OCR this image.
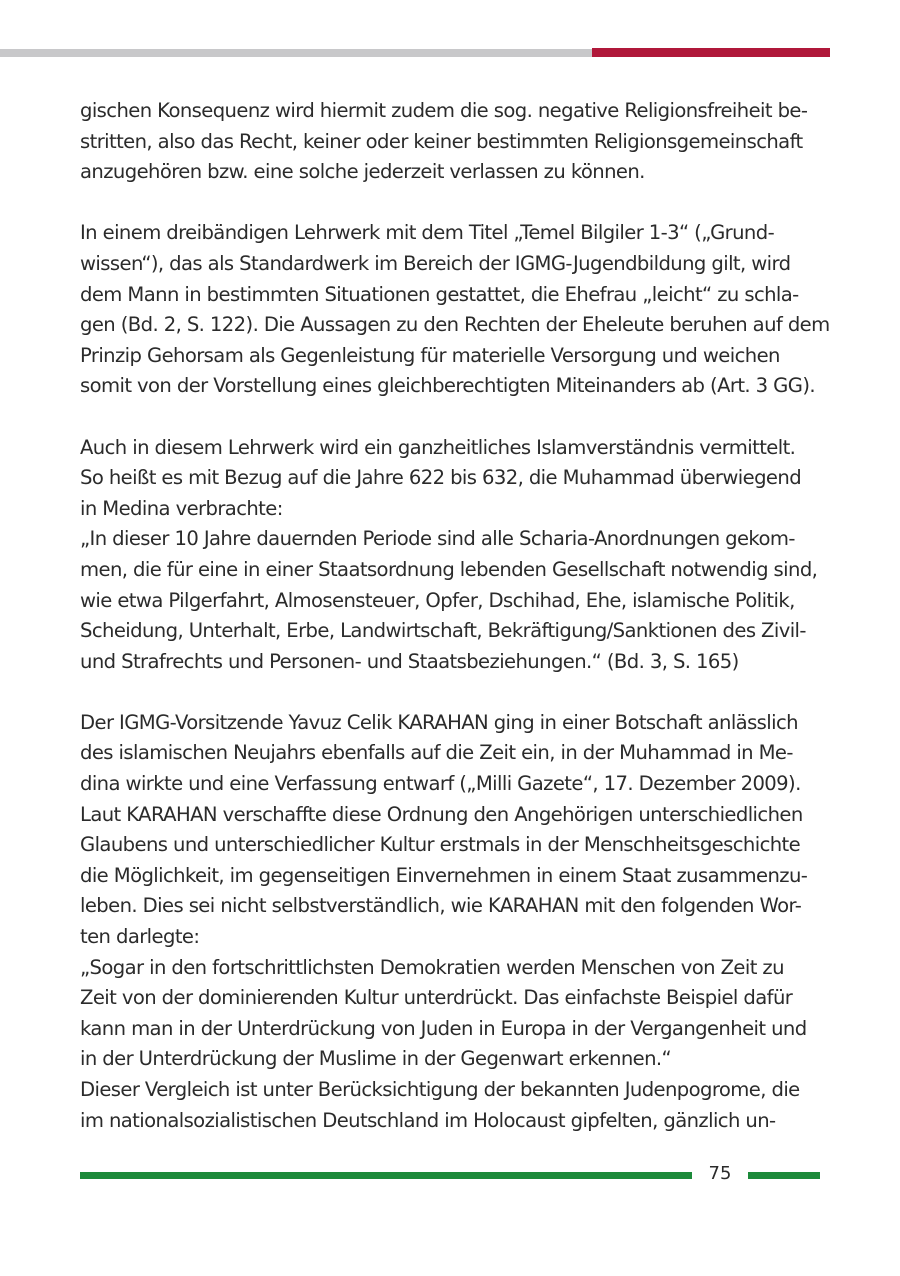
gischen Konsequenz wird hiermit zudem die sog. negative Religionsfreiheit be-
stritten, also das Recht, keiner oder keiner bestimmten Religionsgemeinschaft
anzugehören bzw. eine solche jederzeit verlassen zu können.
In einem dreibändigen Lehrwerk mit dem Titel „Temel Bilgiler 1-3“ („Grund-
wissen“), das als Standardwerk im Bereich der IGMG-Jugendbildung gilt, wird
dem Mann in bestimmten Situationen gestattet, die Ehefrau „leicht“ zu schla-
gen (Bd. 2, S. 122). Die Aussagen zu den Rechten der Eheleute beruhen auf dem
Prinzip Gehorsam als Gegenleistung für materielle Versorgung und weichen
somit von der Vorstellung eines gleichberechtigten Miteinanders ab (Art. 3 GG).
Auch in diesem Lehrwerk wird ein ganzheitliches Islamverständnis vermittelt.
So heißt es mit Bezug auf die Jahre 622 bis 632, die Muhammad überwiegend
in Medina verbrachte:
„In dieser 10 Jahre dauernden Periode sind alle Scharia-Anordnungen gekom-
men, die für eine in einer Staatsordnung lebenden Gesellschaft notwendig sind,
wie etwa Pilgerfahrt, Almosensteuer, Opfer, Dschihad, Ehe, islamische Politik,
Scheidung, Unterhalt, Erbe, Landwirtschaft, Bekräftigung/Sanktionen des Zivil-
und Strafrechts und Personen- und Staatsbeziehungen.“ (Bd. 3, S. 165)
Der IGMG-Vorsitzende Yavuz Celik KARAHAN ging in einer Botschaft anlässlich
des islamischen Neujahrs ebenfalls auf die Zeit ein, in der Muhammad in Me-
dina wirkte und eine Verfassung entwarf („Milli Gazete“, 17. Dezember 2009).
Laut KARAHAN verschaffte diese Ordnung den Angehörigen unterschiedlichen
Glaubens und unterschiedlicher Kultur erstmals in der Menschheitsgeschichte
die Möglichkeit, im gegenseitigen Einvernehmen in einem Staat zusammenzu-
leben. Dies sei nicht selbstverständlich, wie KARAHAN mit den folgenden Wor-
ten darlegte:
„Sogar in den fortschrittlichsten Demokratien werden Menschen von Zeit zu
Zeit von der dominierenden Kultur unterdrückt. Das einfachste Beispiel dafür
kann man in der Unterdrückung von Juden in Europa in der Vergangenheit und
in der Unterdrückung der Muslime in der Gegenwart erkennen.“
Dieser Vergleich ist unter Berücksichtigung der bekannten Judenpogrome, die
im nationalsozialistischen Deutschland im Holocaust gipfelten, gänzlich un-
75
